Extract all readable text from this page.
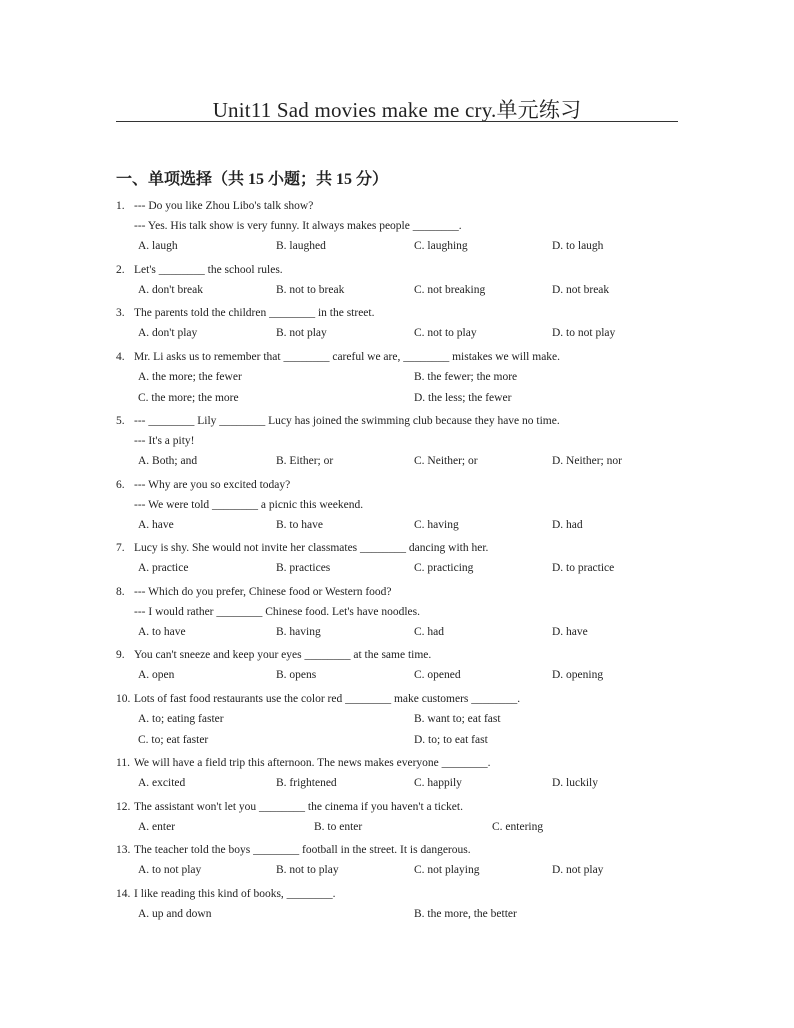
Unit11 Sad movies make me cry.单元练习
一、单项选择（共 15 小题；共 15 分）
1. --- Do you like Zhou Libo's talk show?
--- Yes. His talk show is very funny. It always makes people ________.
A. laugh	B. laughed	C. laughing	D. to laugh
2. Let's ________ the school rules.
A. don't break	B. not to break	C. not breaking	D. not break
3. The parents told the children ________ in the street.
A. don't play	B. not play	C. not to play	D. to not play
4. Mr. Li asks us to remember that ________ careful we are, ________ mistakes we will make.
A. the more; the fewer	B. the fewer; the more
C. the more; the more	D. the less; the fewer
5. --- ________ Lily ________ Lucy has joined the swimming club because they have no time.
--- It's a pity!
A. Both; and	B. Either; or	C. Neither; or	D. Neither; nor
6. --- Why are you so excited today?
--- We were told ________ a picnic this weekend.
A. have	B. to have	C. having	D. had
7. Lucy is shy. She would not invite her classmates ________ dancing with her.
A. practice	B. practices	C. practicing	D. to practice
8. --- Which do you prefer, Chinese food or Western food?
--- I would rather ________ Chinese food. Let's have noodles.
A. to have	B. having	C. had	D. have
9. You can't sneeze and keep your eyes ________ at the same time.
A. open	B. opens	C. opened	D. opening
10. Lots of fast food restaurants use the color red ________ make customers ________.
A. to; eating faster	B. want to; eat fast
C. to; eat faster	D. to; to eat fast
11. We will have a field trip this afternoon. The news makes everyone ________.
A. excited	B. frightened	C. happily	D. luckily
12. The assistant won't let you ________ the cinema if you haven't a ticket.
A. enter	B. to enter	C. entering
13. The teacher told the boys ________ football in the street. It is dangerous.
A. to not play	B. not to play	C. not playing	D. not play
14. I like reading this kind of books, ________.
A. up and down	B. the more, the better
